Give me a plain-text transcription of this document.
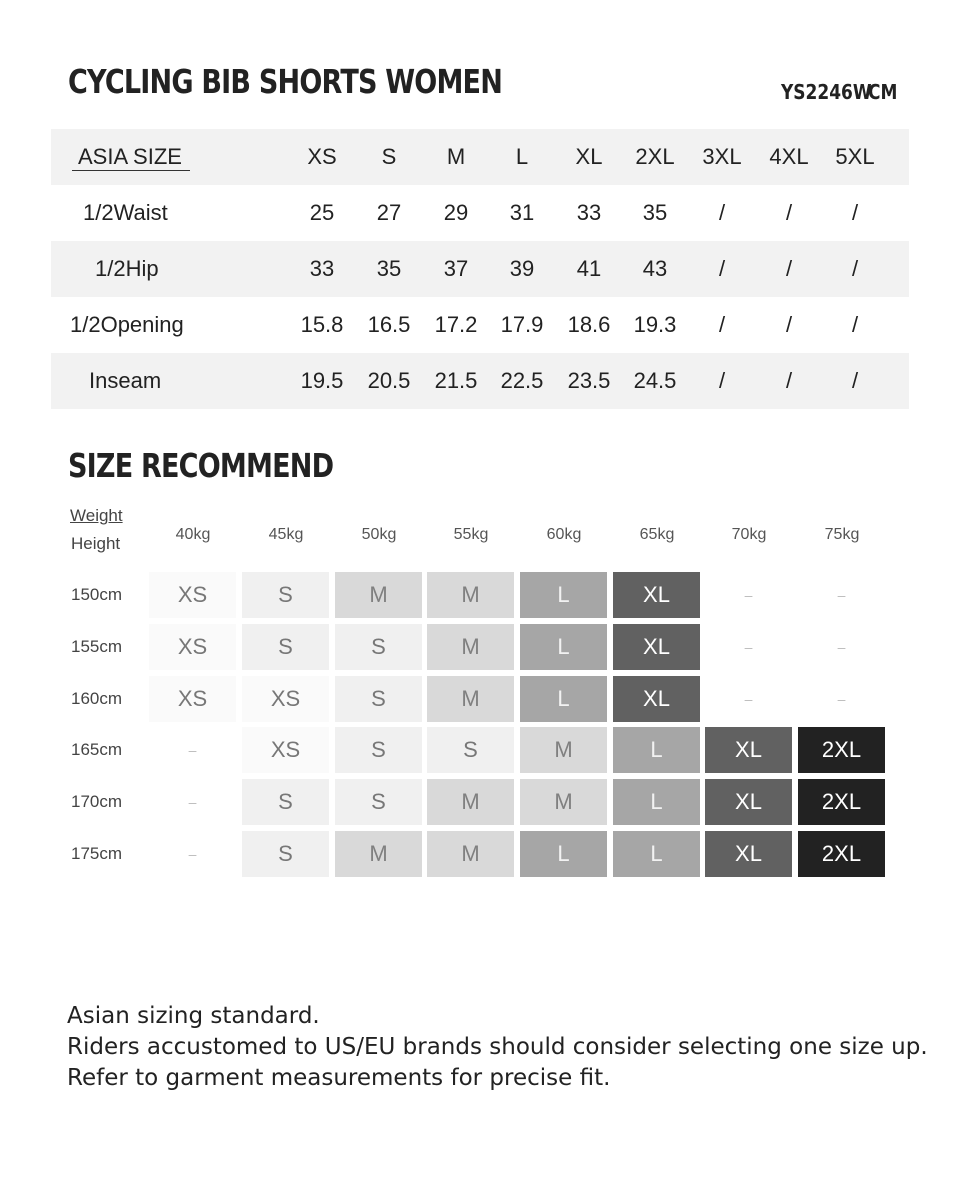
CYCLING BIB SHORTS WOMEN	YS2246W
CM
ASIA SIZE	XS	S	M	L	XL	2XL	3XL	4XL	5XL
1/2Waist	25	27	29	31	33	35	/	/	/
1/2Hip	33	35	37	39	41	43	/	/	/
1/2Opening	15.8	16.5	17.2	17.9	18.6	19.3	/	/	/
Inseam	19.5	20.5	21.5	22.5	23.5	24.5	/	/	/
SIZE RECOMMEND
Weight
Height	40kg	45kg	50kg	55kg	60kg	65kg	70kg	75kg
150cm	XS	S	M	M	L	XL	–	–
155cm	XS	S	S	M	L	XL	–	–
160cm	XS	XS	S	M	L	XL	–	–
165cm	–	XS	S	S	M	L	XL	2XL
170cm	–	S	S	M	M	L	XL	2XL
175cm	–	S	M	M	L	L	XL	2XL
Asian sizing standard.
Riders accustomed to US/EU brands should consider selecting one size up.
Refer to garment measurements for precise fit.
